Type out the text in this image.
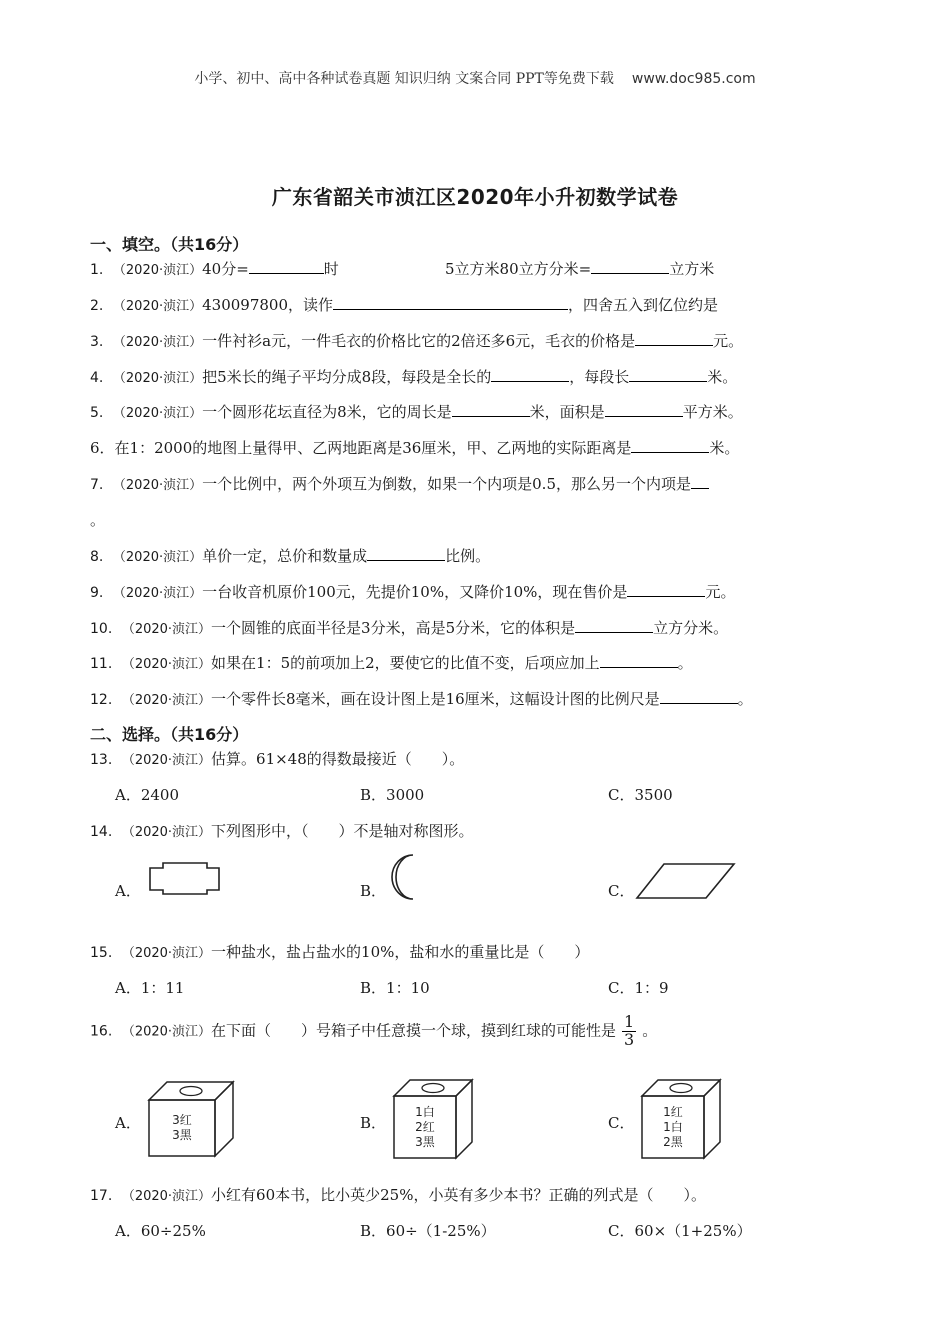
小学、初中、高中各种试卷真题 知识归纳 文案合同 PPT等免费下载 www.doc985.com
广东省韶关市浈江区2020年小升初数学试卷
一、填空。（共16分）
1. （2020·浈江）40分=	时	5立方米80立方分米=	立方米
2. （2020·浈江）430097800，读作	，四舍五入到亿位约是
3. （2020·浈江）一件衬衫a元，一件毛衣的价格比它的2倍还多6元，毛衣的价格是	元。
4. （2020·浈江）把5米长的绳子平均分成8段，每段是全长的	，每段长	米。
5. （2020·浈江）一个圆形花坛直径为8米，它的周长是	米，面积是	平方米。
6．在1：2000的地图上量得甲、乙两地距离是36厘米，甲、乙两地的实际距离是	米。
7. （2020·浈江）一个比例中，两个外项互为倒数，如果一个内项是0.5，那么另一个内项是
。
8. （2020·浈江）单价一定，总价和数量成	比例。
9. （2020·浈江）一台收音机原价100元，先提价10%，又降价10%，现在售价是	元。
10. （2020·浈江）一个圆锥的底面半径是3分米，高是5分米，它的体积是	立方分米。
11. （2020·浈江）如果在1：5的前项加上2，要使它的比值不变，后项应加上	。
12. （2020·浈江）一个零件长8毫米，画在设计图上是16厘米，这幅设计图的比例尺是	。
二、选择。（共16分）
13. （2020·浈江）估算。61×48的得数最接近（　　）。
A．2400	B．3000	C．3500
14. （2020·浈江）下列图形中，（　　）不是轴对称图形。
A．	B．	C．
15. （2020·浈江）一种盐水，盐占盐水的10%，盐和水的重量比是（　　）
A．1：11	B．1：10	C．1：9
16. （2020·浈江）在下面（　　）号箱子中任意摸一个球，摸到红球的可能性是 $\frac{1}{3}$ 。
A．	3红
3黑
B．
1白
2红
3黑
C．
1红
1白
2黑
17. （2020·浈江）小红有60本书，比小英少25%，小英有多少本书？正确的列式是（　　）。
A．60÷25%	B．60÷（1-25%）	C．60×（1+25%）
